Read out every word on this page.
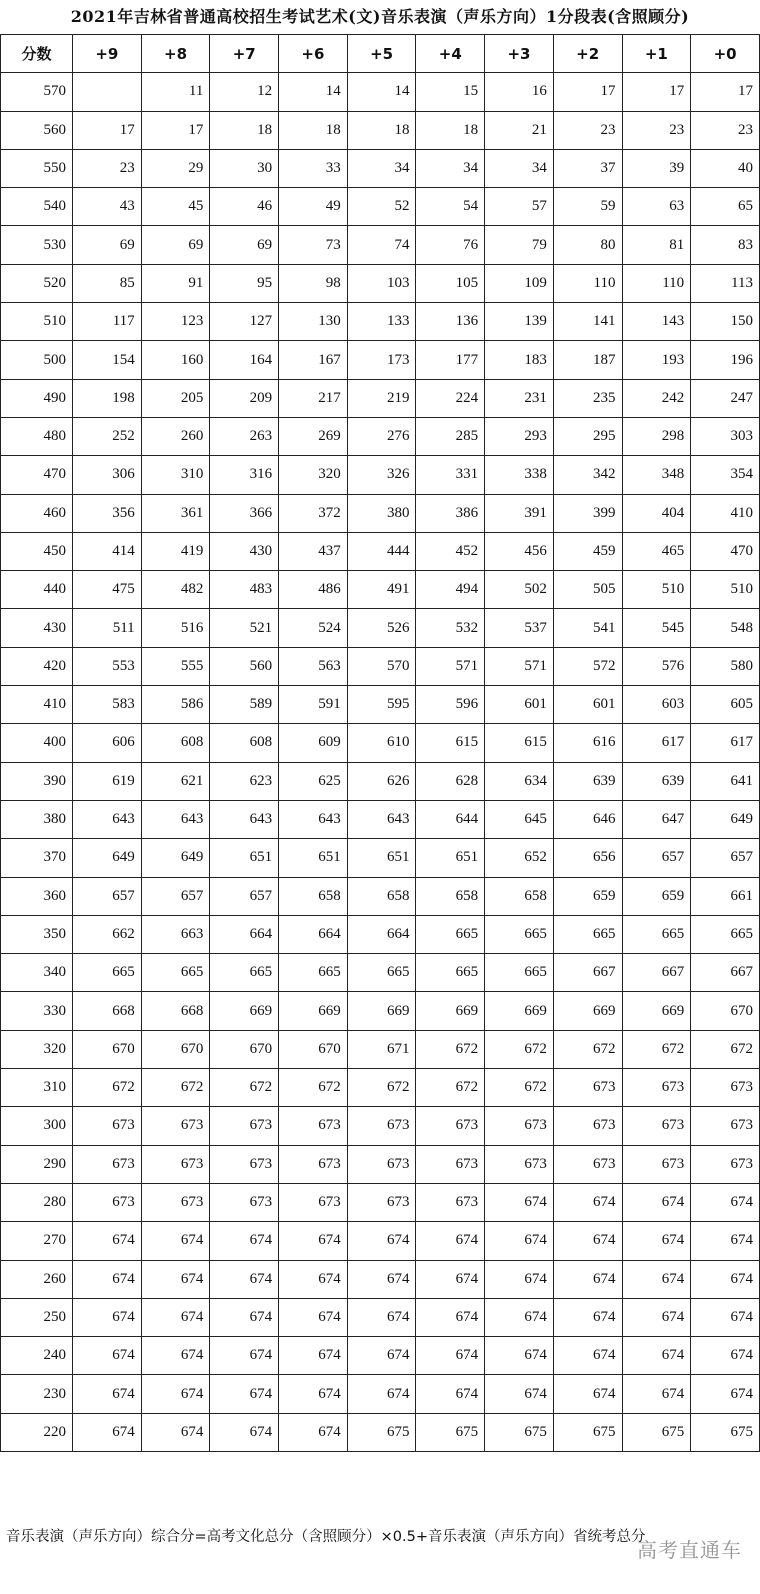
2021年吉林省普通高校招生考试艺术(文)音乐表演（声乐方向）1分段表(含照顾分)
分数	+9	+8	+7	+6	+5	+4	+3	+2	+1	+0
570		11	12	14	14	15	16	17	17	17
560	17	17	18	18	18	18	21	23	23	23
550	23	29	30	33	34	34	34	37	39	40
540	43	45	46	49	52	54	57	59	63	65
530	69	69	69	73	74	76	79	80	81	83
520	85	91	95	98	103	105	109	110	110	113
510	117	123	127	130	133	136	139	141	143	150
500	154	160	164	167	173	177	183	187	193	196
490	198	205	209	217	219	224	231	235	242	247
480	252	260	263	269	276	285	293	295	298	303
470	306	310	316	320	326	331	338	342	348	354
460	356	361	366	372	380	386	391	399	404	410
450	414	419	430	437	444	452	456	459	465	470
440	475	482	483	486	491	494	502	505	510	510
430	511	516	521	524	526	532	537	541	545	548
420	553	555	560	563	570	571	571	572	576	580
410	583	586	589	591	595	596	601	601	603	605
400	606	608	608	609	610	615	615	616	617	617
390	619	621	623	625	626	628	634	639	639	641
380	643	643	643	643	643	644	645	646	647	649
370	649	649	651	651	651	651	652	656	657	657
360	657	657	657	658	658	658	658	659	659	661
350	662	663	664	664	664	665	665	665	665	665
340	665	665	665	665	665	665	665	667	667	667
330	668	668	669	669	669	669	669	669	669	670
320	670	670	670	670	671	672	672	672	672	672
310	672	672	672	672	672	672	672	673	673	673
300	673	673	673	673	673	673	673	673	673	673
290	673	673	673	673	673	673	673	673	673	673
280	673	673	673	673	673	673	674	674	674	674
270	674	674	674	674	674	674	674	674	674	674
260	674	674	674	674	674	674	674	674	674	674
250	674	674	674	674	674	674	674	674	674	674
240	674	674	674	674	674	674	674	674	674	674
230	674	674	674	674	674	674	674	674	674	674
220	674	674	674	674	675	675	675	675	675	675
音乐表演（声乐方向）综合分=高考文化总分（含照顾分）×0.5+音乐表演（声乐方向）省统考总分
高考直通车
